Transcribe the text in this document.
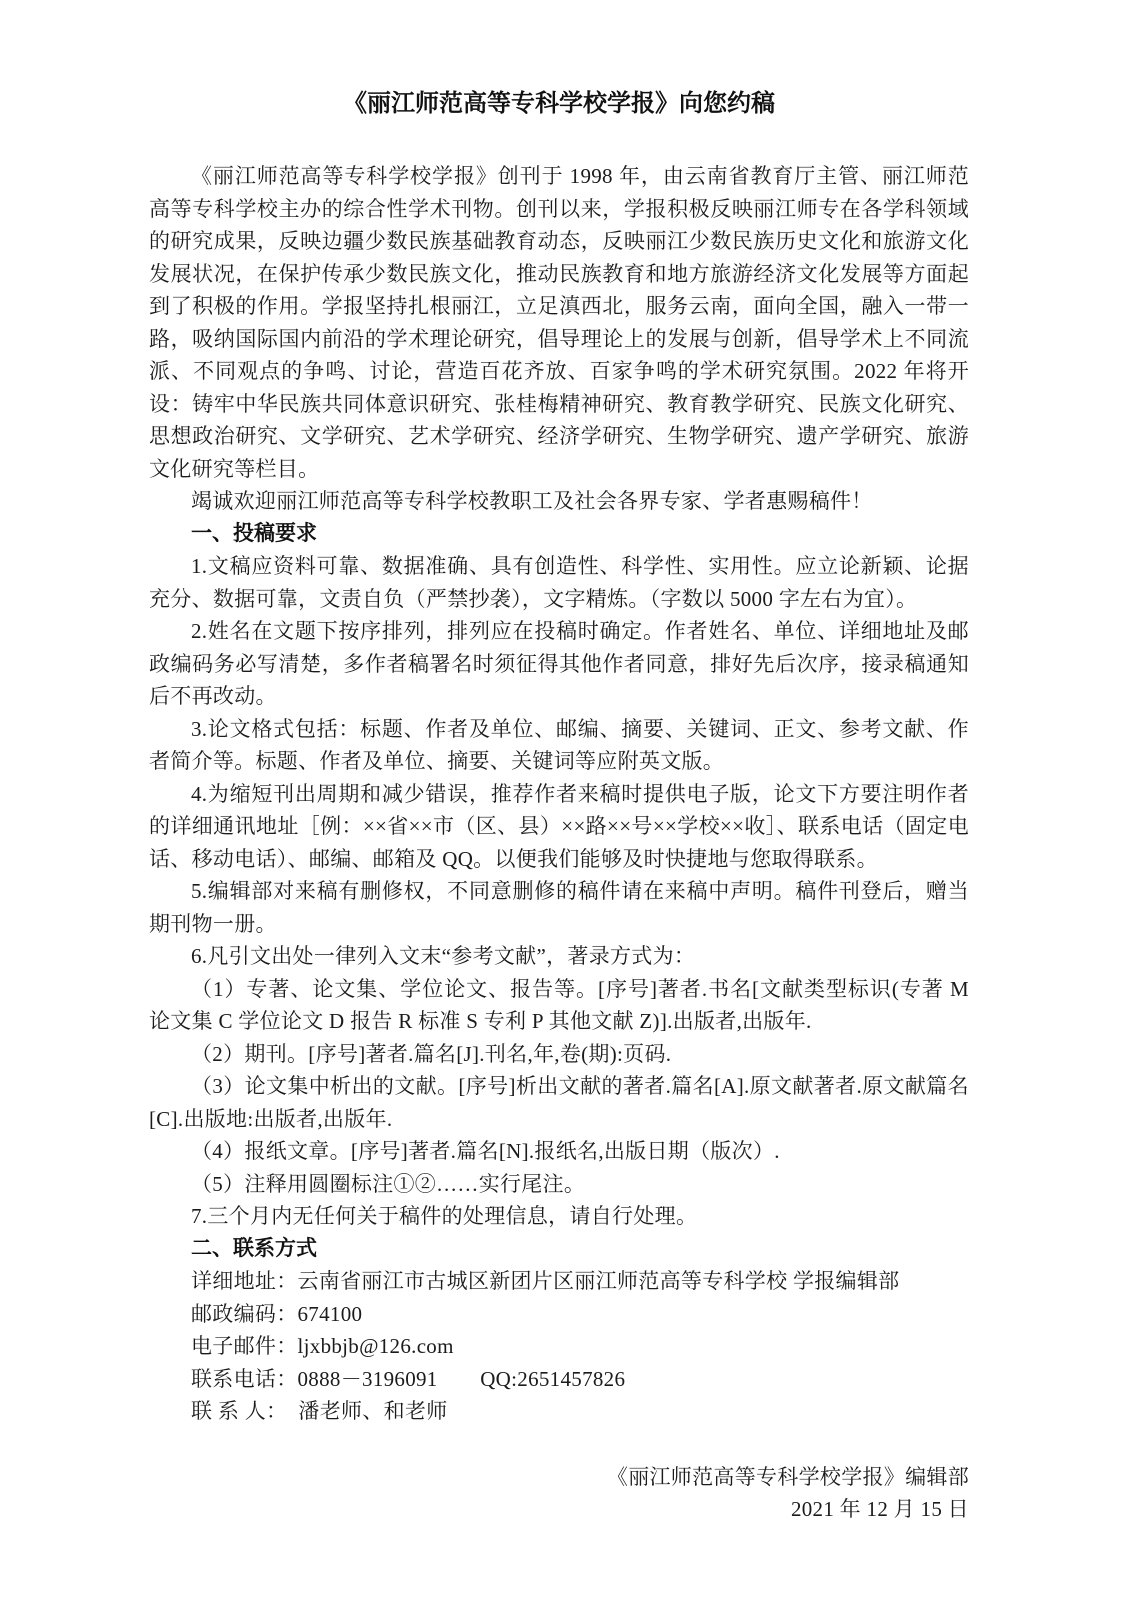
《丽江师范高等专科学校学报》向您约稿

《丽江师范高等专科学校学报》创刊于 1998 年，由云南省教育厅主管、丽江师范高等专科学校主办的综合性学术刊物。创刊以来，学报积极反映丽江师专在各学科领域的研究成果，反映边疆少数民族基础教育动态，反映丽江少数民族历史文化和旅游文化发展状况，在保护传承少数民族文化，推动民族教育和地方旅游经济文化发展等方面起到了积极的作用。学报坚持扎根丽江，立足滇西北，服务云南，面向全国，融入一带一路，吸纳国际国内前沿的学术理论研究，倡导理论上的发展与创新，倡导学术上不同流派、不同观点的争鸣、讨论，营造百花齐放、百家争鸣的学术研究氛围。2022 年将开设：铸牢中华民族共同体意识研究、张桂梅精神研究、教育教学研究、民族文化研究、思想政治研究、文学研究、艺术学研究、经济学研究、生物学研究、遗产学研究、旅游文化研究等栏目。

竭诚欢迎丽江师范高等专科学校教职工及社会各界专家、学者惠赐稿件！

一、投稿要求

1.文稿应资料可靠、数据准确、具有创造性、科学性、实用性。应立论新颖、论据充分、数据可靠，文责自负（严禁抄袭），文字精炼。（字数以 5000 字左右为宜）。

2.姓名在文题下按序排列，排列应在投稿时确定。作者姓名、单位、详细地址及邮政编码务必写清楚，多作者稿署名时须征得其他作者同意，排好先后次序，接录稿通知后不再改动。

3.论文格式包括：标题、作者及单位、邮编、摘要、关键词、正文、参考文献、作者简介等。标题、作者及单位、摘要、关键词等应附英文版。

4.为缩短刊出周期和减少错误，推荐作者来稿时提供电子版，论文下方要注明作者的详细通讯地址［例：××省××市（区、县）××路××号××学校××收］、联系电话（固定电话、移动电话）、邮编、邮箱及 QQ。以便我们能够及时快捷地与您取得联系。

5.编辑部对来稿有删修权，不同意删修的稿件请在来稿中声明。稿件刊登后，赠当期刊物一册。

6.凡引文出处一律列入文末“参考文献”，著录方式为：

（1）专著、论文集、学位论文、报告等。[序号]著者.书名[文献类型标识(专著 M 论文集 C 学位论文 D 报告 R 标准 S 专利 P 其他文献 Z)].出版者,出版年.

（2）期刊。[序号]著者.篇名[J].刊名,年,卷(期):页码.

（3）论文集中析出的文献。[序号]析出文献的著者.篇名[A].原文献著者.原文献篇名[C].出版地:出版者,出版年.

（4）报纸文章。[序号]著者.篇名[N].报纸名,出版日期（版次）.

（5）注释用圆圈标注①②……实行尾注。

7.三个月内无任何关于稿件的处理信息，请自行处理。

二、联系方式

详细地址：云南省丽江市古城区新团片区丽江师范高等专科学校 学报编辑部

邮政编码：674100

电子邮件：ljxbbjb@126.com

联系电话：0888－3196091　　QQ:2651457826

联 系 人：  潘老师、和老师

《丽江师范高等专科学校学报》编辑部

2021 年 12 月 15 日
